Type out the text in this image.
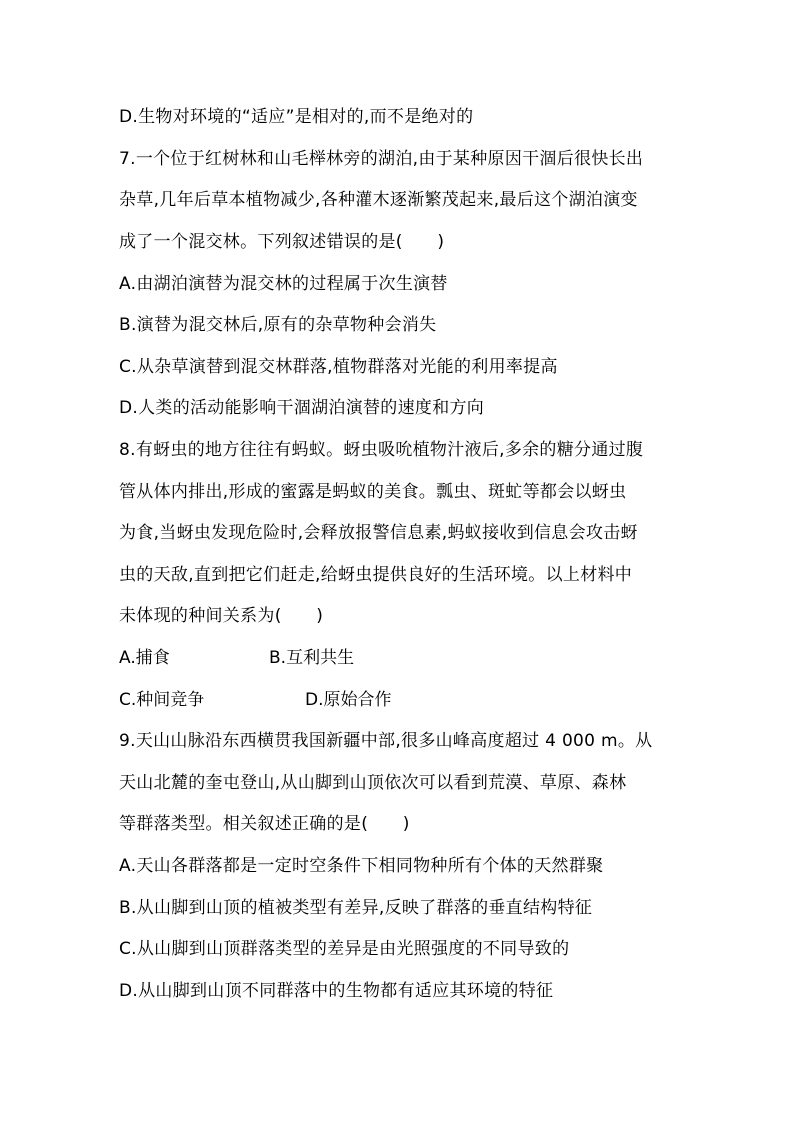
D.生物对环境的“适应”是相对的,而不是绝对的
7.一个位于红树林和山毛榉林旁的湖泊,由于某种原因干涸后很快长出
杂草,几年后草本植物减少,各种灌木逐渐繁茂起来,最后这个湖泊演变
成了一个混交林。下列叙述错误的是(　　)
A.由湖泊演替为混交林的过程属于次生演替
B.演替为混交林后,原有的杂草物种会消失
C.从杂草演替到混交林群落,植物群落对光能的利用率提高
D.人类的活动能影响干涸湖泊演替的速度和方向
8.有蚜虫的地方往往有蚂蚁。蚜虫吸吮植物汁液后,多余的糖分通过腹
管从体内排出,形成的蜜露是蚂蚁的美食。瓢虫、斑虻等都会以蚜虫
为食,当蚜虫发现危险时,会释放报警信息素,蚂蚁接收到信息会攻击蚜
虫的天敌,直到把它们赶走,给蚜虫提供良好的生活环境。以上材料中
未体现的种间关系为(　　)
A.捕食	B.互利共生
C.种间竞争	D.原始合作
9.天山山脉沿东西横贯我国新疆中部,很多山峰高度超过 4 000 m。从
天山北麓的奎屯登山,从山脚到山顶依次可以看到荒漠、草原、森林
等群落类型。相关叙述正确的是(　　)
A.天山各群落都是一定时空条件下相同物种所有个体的天然群聚
B.从山脚到山顶的植被类型有差异,反映了群落的垂直结构特征
C.从山脚到山顶群落类型的差异是由光照强度的不同导致的
D.从山脚到山顶不同群落中的生物都有适应其环境的特征
